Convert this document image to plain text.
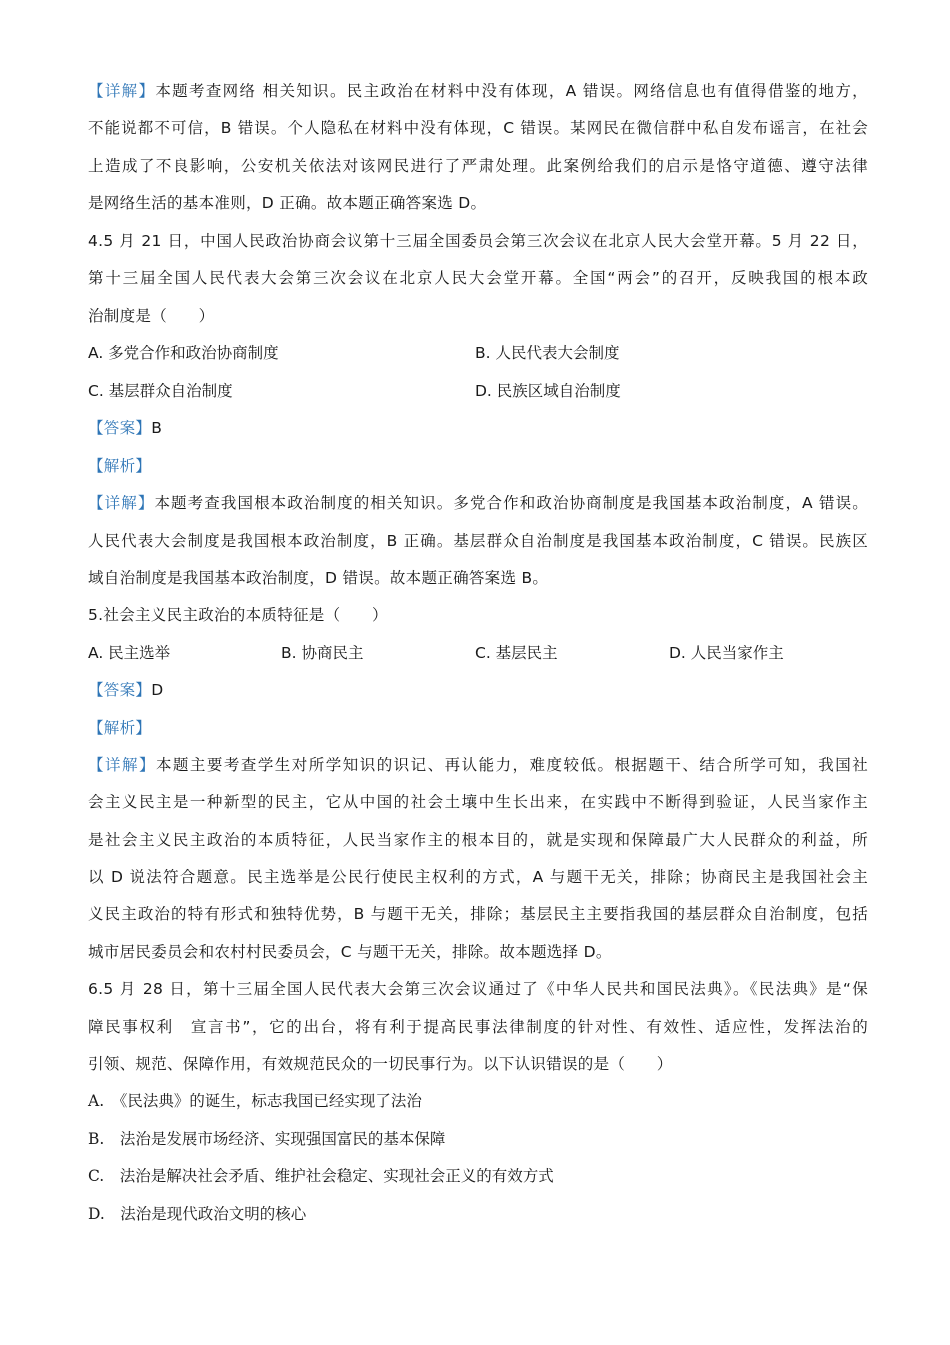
【详解】本题考查网络 相关知识。民主政治在材料中没有体现，A 错误。网络信息也有值得借鉴的地方，
不能说都不可信，B 错误。个人隐私在材料中没有体现，C 错误。某网民在微信群中私自发布谣言，在社会
上造成了不良影响，公安机关依法对该网民进行了严肃处理。此案例给我们的启示是恪守道德、遵守法律
是网络生活的基本准则，D 正确。故本题正确答案选 D。
4.5 月 21 日，中国人民政治协商会议第十三届全国委员会第三次会议在北京人民大会堂开幕。5 月 22 日，
第十三届全国人民代表大会第三次会议在北京人民大会堂开幕。全国“两会”的召开，反映我国的根本政
治制度是（　　）
A. 多党合作和政治协商制度	B. 人民代表大会制度
C. 基层群众自治制度	D. 民族区域自治制度
【答案】B
【解析】
【详解】本题考查我国根本政治制度的相关知识。多党合作和政治协商制度是我国基本政治制度，A 错误。
人民代表大会制度是我国根本政治制度，B 正确。基层群众自治制度是我国基本政治制度，C 错误。民族区
域自治制度是我国基本政治制度，D 错误。故本题正确答案选 B。
5.社会主义民主政治的本质特征是（　　）
A. 民主选举	B. 协商民主	C. 基层民主	D. 人民当家作主
【答案】D
【解析】
【详解】本题主要考查学生对所学知识的识记、再认能力，难度较低。根据题干、结合所学可知，我国社
会主义民主是一种新型的民主，它从中国的社会土壤中生长出来，在实践中不断得到验证，人民当家作主
是社会主义民主政治的本质特征，人民当家作主的根本目的，就是实现和保障最广大人民群众的利益，所
以 D 说法符合题意。民主选举是公民行使民主权利的方式，A 与题干无关，排除；协商民主是我国社会主
义民主政治的特有形式和独特优势，B 与题干无关，排除；基层民主主要指我国的基层群众自治制度，包括
城市居民委员会和农村村民委员会，C 与题干无关，排除。故本题选择 D。
6.5 月 28 日，第十三届全国人民代表大会第三次会议通过了《中华人民共和国民法典》。《民法典》是“保
障民事权利　宣言书”，它的出台，将有利于提高民事法律制度的针对性、有效性、适应性，发挥法治的
引领、规范、保障作用，有效规范民众的一切民事行为。以下认识错误的是（　　）
A.　《民法典》的诞生，标志我国已经实现了法治
B.　法治是发展市场经济、实现强国富民的基本保障
C.　法治是解决社会矛盾、维护社会稳定、实现社会正义的有效方式
D.　法治是现代政治文明的核心
